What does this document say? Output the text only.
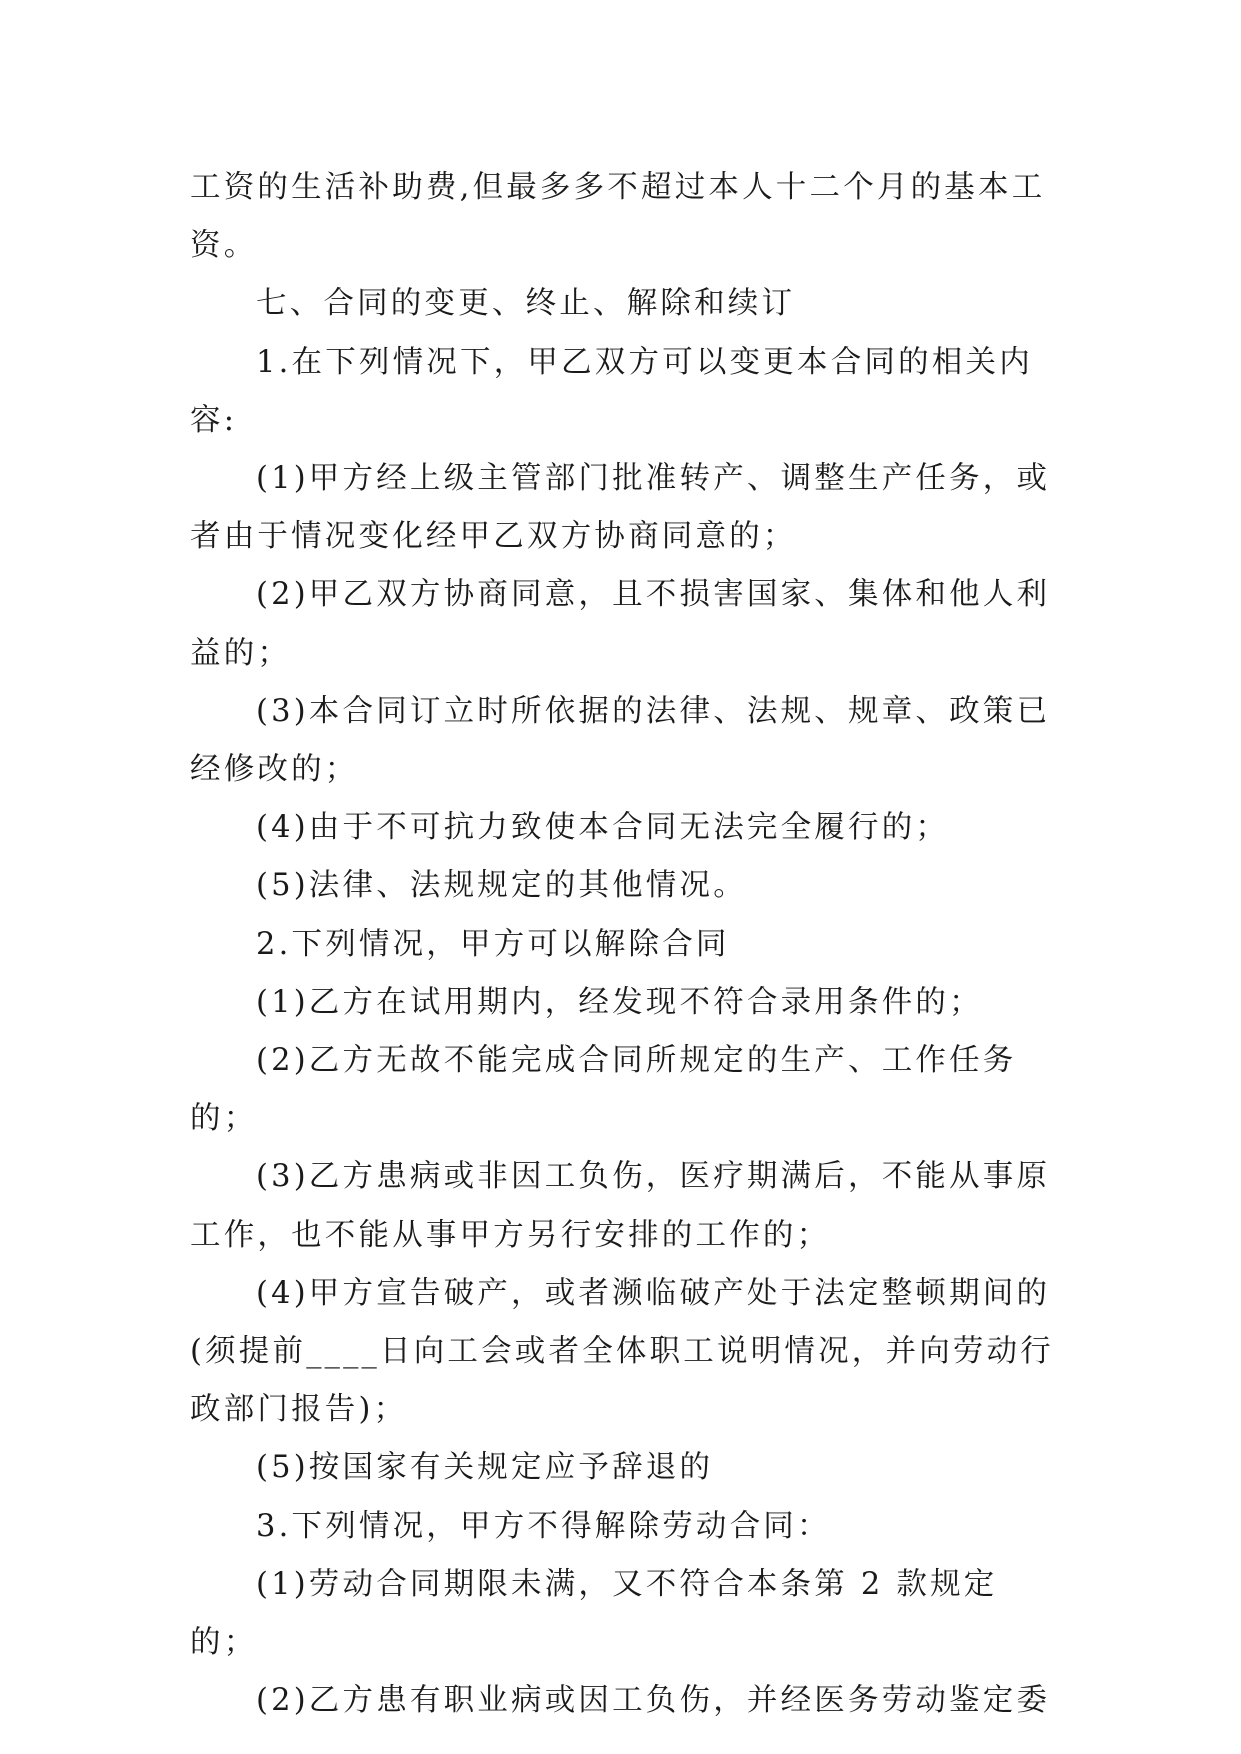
工资的生活补助费,但最多多不超过本人十二个月的基本工资。

七、合同的变更、终止、解除和续订

1.在下列情况下，甲乙双方可以变更本合同的相关内容:

(1)甲方经上级主管部门批准转产、调整生产任务，或者由于情况变化经甲乙双方协商同意的；

(2)甲乙双方协商同意，且不损害国家、集体和他人利益的；

(3)本合同订立时所依据的法律、法规、规章、政策已经修改的；

(4)由于不可抗力致使本合同无法完全履行的；

(5)法律、法规规定的其他情况。

2.下列情况，甲方可以解除合同

(1)乙方在试用期内，经发现不符合录用条件的；

(2)乙方无故不能完成合同所规定的生产、工作任务的；

(3)乙方患病或非因工负伤，医疗期满后，不能从事原工作，也不能从事甲方另行安排的工作的；

(4)甲方宣告破产，或者濒临破产处于法定整顿期间的(须提前____日向工会或者全体职工说明情况，并向劳动行政部门报告)；

(5)按国家有关规定应予辞退的

3.下列情况，甲方不得解除劳动合同：

(1)劳动合同期限未满，又不符合本条第 2 款规定的；

(2)乙方患有职业病或因工负伤，并经医务劳动鉴定委
